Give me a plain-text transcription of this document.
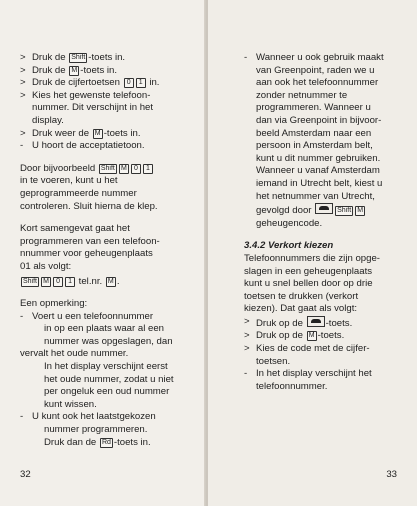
> Druk de Shift -toets in.
> Druk de M -toets in.
> Druk de cijfertoetsen 0 1 in.
> Kies het gewenste telefoon-
nummer. Dit verschijnt in het
display.
> Druk weer de M -toets in.
- U hoort de acceptatietoon.
Door bijvoorbeeld Shift M 0 1
in te voeren, kunt u het
geprogrammeerde nummer
controleren. Sluit hierna de klep.
Kort samengevat gaat het
programmeren van een telefoon-
nnummer voor geheugenplaats
01 als volgt:
Shift M 0 1 tel.nr. M .
Een opmerking:
- Voert u een telefoonnummer
in op een plaats waar al een
nummer was opgeslagen, dan
vervalt het oude nummer.
In het display verschijnt eerst
het oude nummer, zodat u niet
per ongeluk een oud nummer
kunt wissen.
- U kunt ook het laatstgekozen
nummer programmeren.
Druk dan de Rd -toets in.
32
- Wanneer u ook gebruik maakt
van Greenpoint, raden we u
aan ook het telefoonnummer
zonder netnummer te
programmeren. Wanneer u
dan via Greenpoint in bijvoor-
beeld Amsterdam naar een
persoon in Amsterdam belt,
kunt u dit nummer gebruiken.
Wanneer u vanaf Amsterdam
iemand in Utrecht belt, kiest u
het netnummer van Utrecht,
gevolgd door	Shift M
geheugencode.
3.4.2 Verkort kiezen
Telefoonnummers die zijn opge-
slagen in een geheugenplaats
kunt u snel bellen door op drie
toetsen te drukken (verkort
kiezen). Dat gaat als volgt:
> Druk op de -toets.
> Druk op de M -toets.
> Kies de code met de cijfer-
toetsen.
- In het display verschijnt het
telefoonnummer.
33
